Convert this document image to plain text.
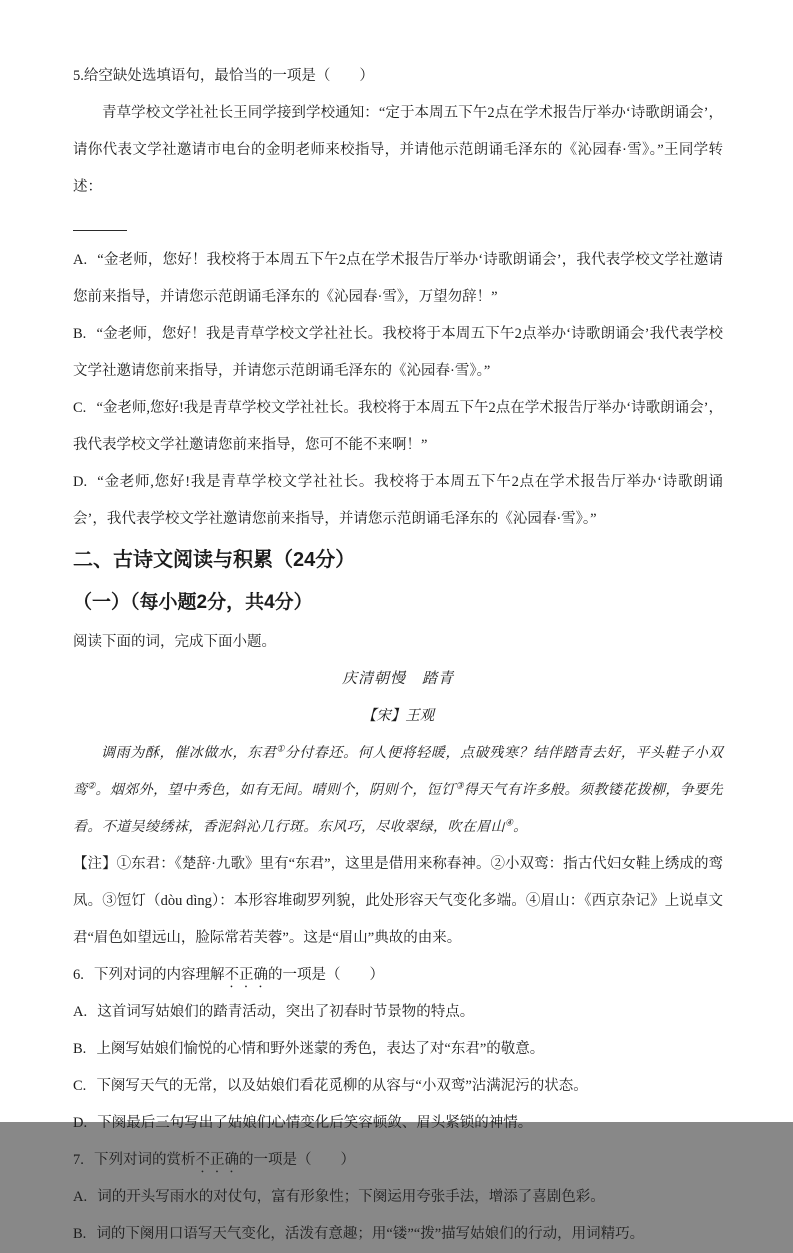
5.给空缺处选填语句，最恰当的一项是（　　）

青草学校文学社社长王同学接到学校通知：“定于本周五下午2点在学术报告厅举办‘诗歌朗诵会’，请你代表文学社邀请市电台的金明老师来校指导，并请他示范朗诵毛泽东的《沁园春·雪》。”王同学转述：

A. “金老师，您好！我校将于本周五下午2点在学术报告厅举办‘诗歌朗诵会’，我代表学校文学社邀请您前来指导，并请您示范朗诵毛泽东的《沁园春·雪》，万望勿辞！”

B. “金老师，您好！我是青草学校文学社社长。我校将于本周五下午2点举办‘诗歌朗诵会’我代表学校文学社邀请您前来指导，并请您示范朗诵毛泽东的《沁园春·雪》。”

C. “金老师,您好!我是青草学校文学社社长。我校将于本周五下午2点在学术报告厅举办‘诗歌朗诵会’，我代表学校文学社邀请您前来指导，您可不能不来啊！”

D. “金老师,您好!我是青草学校文学社社长。我校将于本周五下午2点在学术报告厅举办‘诗歌朗诵会’，我代表学校文学社邀请您前来指导，并请您示范朗诵毛泽东的《沁园春·雪》。”

二、古诗文阅读与积累（24分）

（一）（每小题2分，共4分）

阅读下面的词，完成下面小题。

庆清朝慢　踏青

【宋】王观

调雨为酥，催冰做水，东君①分付春还。何人便将轻暖，点破残寒？结伴踏青去好，平头鞋子小双鸾②。烟郊外，望中秀色，如有无间。晴则个，阴则个，饾饤③得天气有许多般。须教镂花拨柳，争要先看。不道吴绫绣袜，香泥斜沁几行斑。东风巧，尽收翠绿，吹在眉山④。

【注】①东君：《楚辞·九歌》里有“东君”，这里是借用来称春神。②小双鸾：指古代妇女鞋上绣成的鸾凤。③饾饤（dòu dìng）：本形容堆砌罗列貌，此处形容天气变化多端。④眉山：《西京杂记》上说卓文君“眉色如望远山，脸际常若芙蓉”。这是“眉山”典故的由来。

6. 下列对词的内容理解不正确的一项是（　　）

A. 这首词写姑娘们的踏青活动，突出了初春时节景物的特点。

B. 上阕写姑娘们愉悦的心情和野外迷蒙的秀色，表达了对“东君”的敬意。

C. 下阕写天气的无常，以及姑娘们看花觅柳的从容与“小双鸾”沾满泥污的状态。

D. 下阕最后三句写出了姑娘们心情变化后笑容顿敛、眉头紧锁的神情。

7. 下列对词的赏析不正确的一项是（　　）

A. 词的开头写雨水的对仗句，富有形象性；下阕运用夸张手法，增添了喜剧色彩。

B. 词的下阕用口语写天气变化，活泼有意趣；用“镂”“拨”描写姑娘们的行动，用词精巧。
